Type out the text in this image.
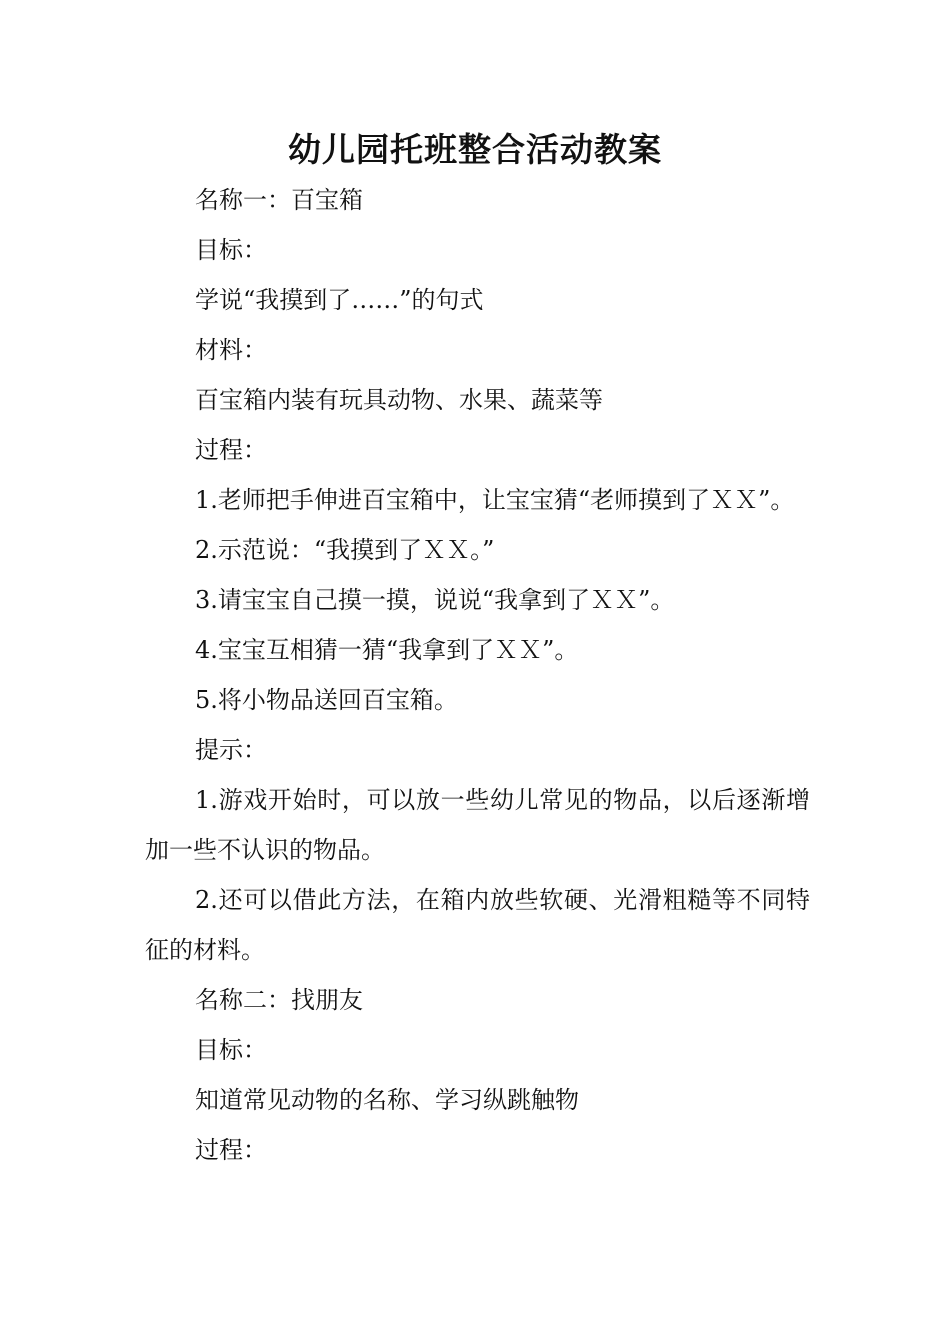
幼儿园托班整合活动教案

名称一：百宝箱

目标：

学说“我摸到了……”的句式

材料：

百宝箱内装有玩具动物、水果、蔬菜等

过程：

1.老师把手伸进百宝箱中，让宝宝猜“老师摸到了ＸＸ”。

2.示范说：“我摸到了ＸＸ。”

3.请宝宝自己摸一摸，说说“我拿到了ＸＸ”。

4.宝宝互相猜一猜“我拿到了ＸＸ”。

5.将小物品送回百宝箱。

提示：

1.游戏开始时，可以放一些幼儿常见的物品，以后逐渐增加一些不认识的物品。

2.还可以借此方法，在箱内放些软硬、光滑粗糙等不同特征的材料。

名称二：找朋友

目标：

知道常见动物的名称、学习纵跳触物

过程：
